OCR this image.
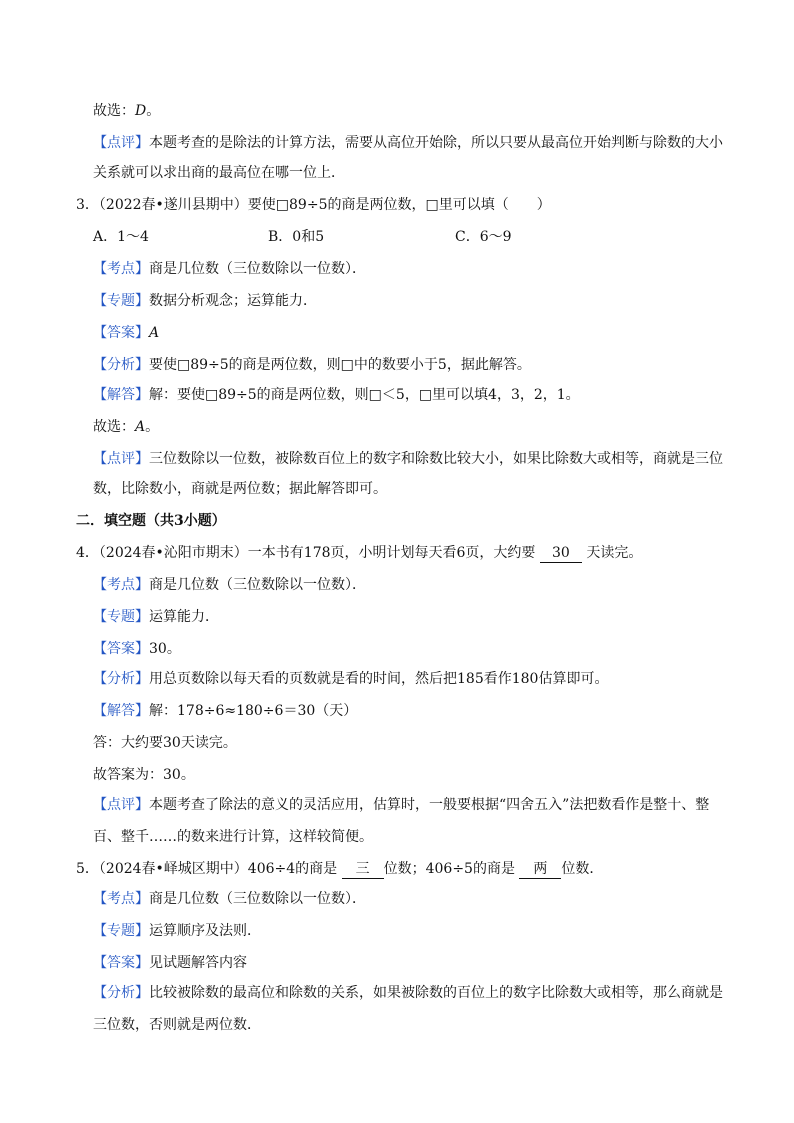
故选：D。
【点评】本题考查的是除法的计算方法，需要从高位开始除，所以只要从最高位开始判断与除数的大小
关系就可以求出商的最高位在哪一位上．
3．（2022春•遂川县期中）要使□89÷5的商是两位数，□里可以填（　　）
A．1～4	B．0和5	C．6～9
【考点】商是几位数（三位数除以一位数）．
【专题】数据分析观念；运算能力．
【答案】A
【分析】要使□89÷5的商是两位数，则□中的数要小于5，据此解答。
【解答】解：要使□89÷5的商是两位数，则□＜5，□里可以填4，3，2，1。
故选：A。
【点评】三位数除以一位数，被除数百位上的数字和除数比较大小，如果比除数大或相等，商就是三位
数，比除数小，商就是两位数；据此解答即可。
二．填空题（共3小题）
4．（2024春•沁阳市期末）一本书有178页，小明计划每天看6页，大约要 30 天读完。
【考点】商是几位数（三位数除以一位数）．
【专题】运算能力．
【答案】30。
【分析】用总页数除以每天看的页数就是看的时间，然后把185看作180估算即可。
【解答】解：178÷6≈180÷6＝30（天）
答：大约要30天读完。
故答案为：30。
【点评】本题考查了除法的意义的灵活应用，估算时，一般要根据“四舍五入”法把数看作是整十、整
百、整千……的数来进行计算，这样较简便。
5．（2024春•峄城区期中）406÷4的商是 三 位数；406÷5的商是 两 位数．
【考点】商是几位数（三位数除以一位数）．
【专题】运算顺序及法则．
【答案】见试题解答内容
【分析】比较被除数的最高位和除数的关系，如果被除数的百位上的数字比除数大或相等，那么商就是
三位数，否则就是两位数．
